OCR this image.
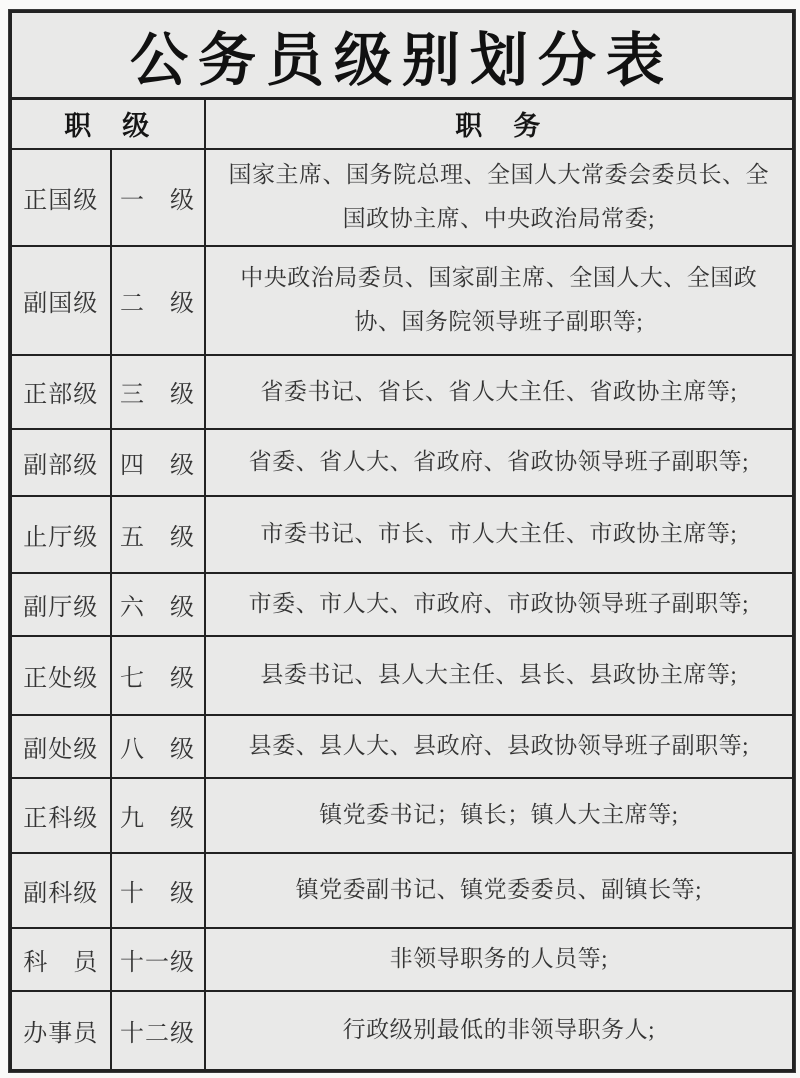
公务员级别划分表		
职　级		职　务
正国级	一　级	国家主席、国务院总理、全国人大常委会委员长、全国政协主席、中央政治局常委;
副国级	二　级	中央政治局委员、国家副主席、全国人大、全国政协、国务院领导班子副职等;
正部级	三　级	省委书记、省长、省人大主任、省政协主席等;
副部级	四　级	省委、省人大、省政府、省政协领导班子副职等;
止厅级	五　级	市委书记、市长、市人大主任、市政协主席等;
副厅级	六　级	市委、市人大、市政府、市政协领导班子副职等;
正处级	七　级	县委书记、县人大主任、县长、县政协主席等;
副处级	八　级	县委、县人大、县政府、县政协领导班子副职等;
正科级	九　级	镇党委书记；镇长；镇人大主席等;
副科级	十　级	镇党委副书记、镇党委委员、副镇长等;
科　员	十一级	非领导职务的人员等;
办事员	十二级	行政级别最低的非领导职务人;
